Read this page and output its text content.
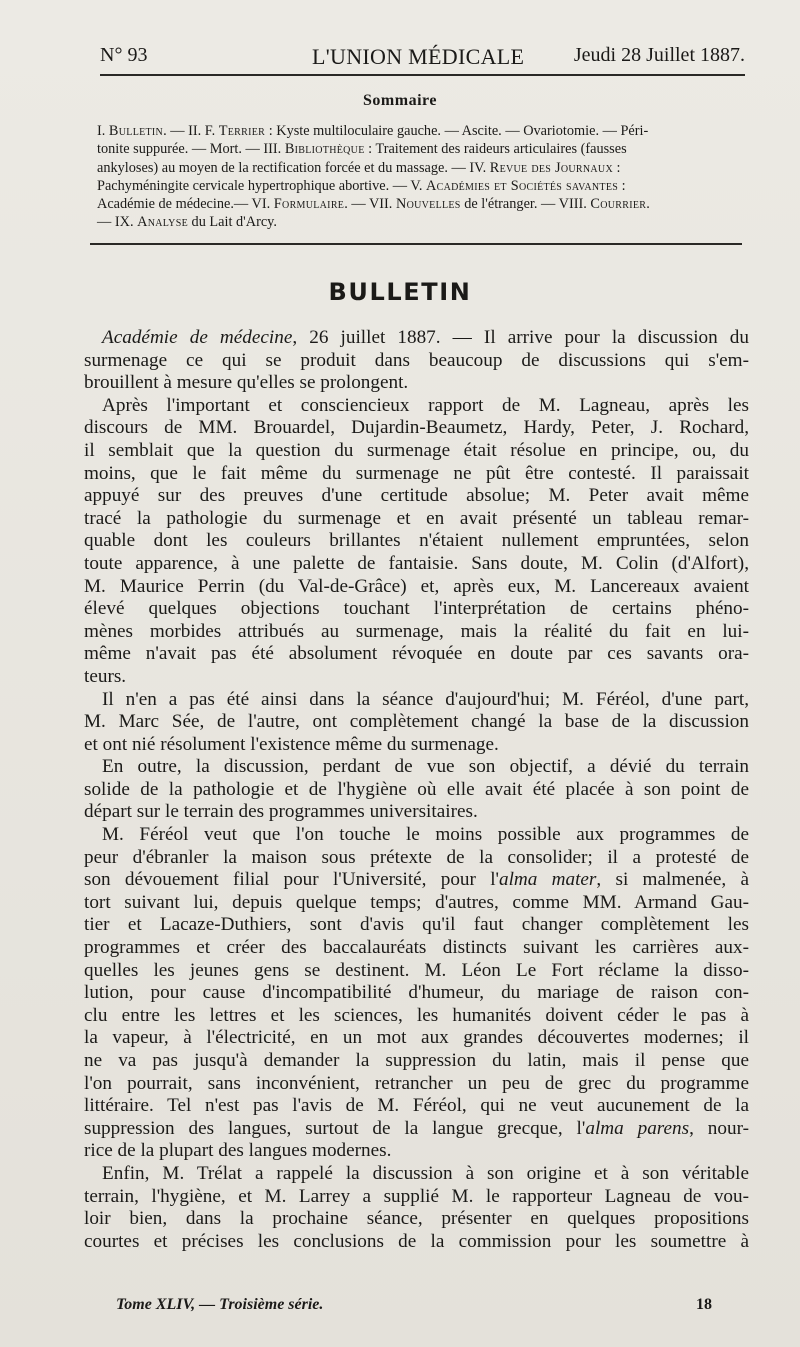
N° 93	L'UNION MÉDICALE Jeudi 28 Juillet 1887.
Sommaire
I. Bulletin. — II. F. Terrier : Kyste multiloculaire gauche. — Ascite. — Ovariotomie. — Péri-
tonite suppurée. — Mort. — III. Bibliothèque : Traitement des raideurs articulaires (fausses
ankyloses) au moyen de la rectification forcée et du massage. — IV. Revue des Journaux :
Pachyméningite cervicale hypertrophique abortive. — V. Académies et Sociétés savantes :
Académie de médecine.— VI. Formulaire. — VII. Nouvelles de l'étranger. — VIII. Courrier.
— IX. Analyse du Lait d'Arcy.
BULLETIN
Académie de médecine, 26 juillet 1887. — Il arrive pour la discussion du
surmenage ce qui se produit dans beaucoup de discussions qui s'em-
brouillent à mesure qu'elles se prolongent.
Après l'important et consciencieux rapport de M. Lagneau, après les
discours de MM. Brouardel, Dujardin-Beaumetz, Hardy, Peter, J. Rochard,
il semblait que la question du surmenage était résolue en principe, ou, du
moins, que le fait même du surmenage ne pût être contesté. Il paraissait
appuyé sur des preuves d'une certitude absolue; M. Peter avait même
tracé la pathologie du surmenage et en avait présenté un tableau remar-
quable dont les couleurs brillantes n'étaient nullement empruntées, selon
toute apparence, à une palette de fantaisie. Sans doute, M. Colin (d'Alfort),
M. Maurice Perrin (du Val-de-Grâce) et, après eux, M. Lancereaux avaient
élevé quelques objections touchant l'interprétation de certains phéno-
mènes morbides attribués au surmenage, mais la réalité du fait en lui-
même n'avait pas été absolument révoquée en doute par ces savants ora-
teurs.
Il n'en a pas été ainsi dans la séance d'aujourd'hui; M. Féréol, d'une part,
M. Marc Sée, de l'autre, ont complètement changé la base de la discussion
et ont nié résolument l'existence même du surmenage.
En outre, la discussion, perdant de vue son objectif, a dévié du terrain
solide de la pathologie et de l'hygiène où elle avait été placée à son point de
départ sur le terrain des programmes universitaires.
M. Féréol veut que l'on touche le moins possible aux programmes de
peur d'ébranler la maison sous prétexte de la consolider; il a protesté de
son dévouement filial pour l'Université, pour l'alma mater, si malmenée, à
tort suivant lui, depuis quelque temps; d'autres, comme MM. Armand Gau-
tier et Lacaze-Duthiers, sont d'avis qu'il faut changer complètement les
programmes et créer des baccalauréats distincts suivant les carrières aux-
quelles les jeunes gens se destinent. M. Léon Le Fort réclame la disso-
lution, pour cause d'incompatibilité d'humeur, du mariage de raison con-
clu entre les lettres et les sciences, les humanités doivent céder le pas à
la vapeur, à l'électricité, en un mot aux grandes découvertes modernes; il
ne va pas jusqu'à demander la suppression du latin, mais il pense que
l'on pourrait, sans inconvénient, retrancher un peu de grec du programme
littéraire. Tel n'est pas l'avis de M. Féréol, qui ne veut aucunement de la
suppression des langues, surtout de la langue grecque, l'alma parens, nour-
rice de la plupart des langues modernes.
Enfin, M. Trélat a rappelé la discussion à son origine et à son véritable
terrain, l'hygiène, et M. Larrey a supplié M. le rapporteur Lagneau de vou-
loir bien, dans la prochaine séance, présenter en quelques propositions
courtes et précises les conclusions de la commission pour les soumettre à
Tome XLIV, — Troisième série.	18
